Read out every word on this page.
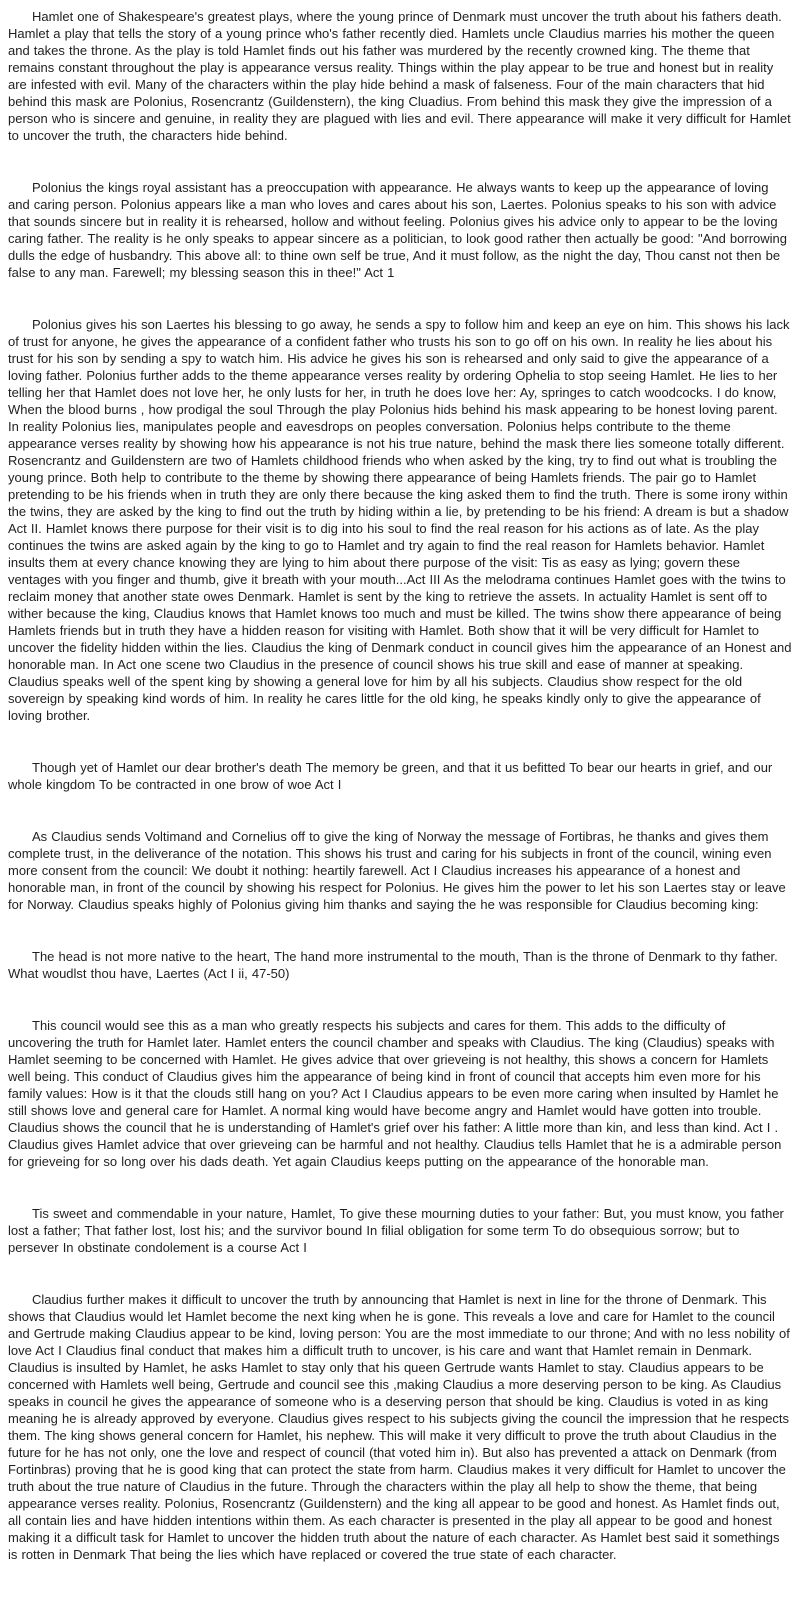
Hamlet one of Shakespeare's greatest plays, where the young prince of Denmark must uncover the truth about his fathers death. Hamlet a play that tells the story of a young prince who's father recently died. Hamlets uncle Claudius marries his mother the queen and takes the throne. As the play is told Hamlet finds out his father was murdered by the recently crowned king. The theme that remains constant throughout the play is appearance versus reality. Things within the play appear to be true and honest but in reality are infested with evil. Many of the characters within the play hide behind a mask of falseness. Four of the main characters that hid behind this mask are Polonius, Rosencrantz (Guildenstern), the king Cluadius. From behind this mask they give the impression of a person who is sincere and genuine, in reality they are plagued with lies and evil. There appearance will make it very difficult for Hamlet to uncover the truth, the characters hide behind.

Polonius the kings royal assistant has a preoccupation with appearance. He always wants to keep up the appearance of loving and caring person. Polonius appears like a man who loves and cares about his son, Laertes. Polonius speaks to his son with advice that sounds sincere but in reality it is rehearsed, hollow and without feeling. Polonius gives his advice only to appear to be the loving caring father. The reality is he only speaks to appear sincere as a politician, to look good rather then actually be good: "And borrowing dulls the edge of husbandry. This above all: to thine own self be true, And it must follow, as the night the day, Thou canst not then be false to any man. Farewell; my blessing season this in thee!" Act 1

Polonius gives his son Laertes his blessing to go away, he sends a spy to follow him and keep an eye on him. This shows his lack of trust for anyone, he gives the appearance of a confident father who trusts his son to go off on his own. In reality he lies about his trust for his son by sending a spy to watch him. His advice he gives his son is rehearsed and only said to give the appearance of a loving father. Polonius further adds to the theme appearance verses reality by ordering Ophelia to stop seeing Hamlet. He lies to her telling her that Hamlet does not love her, he only lusts for her, in truth he does love her: Ay, springes to catch woodcocks. I do know, When the blood burns , how prodigal the soul Through the play Polonius hids behind his mask appearing to be honest loving parent. In reality Polonius lies, manipulates people and eavesdrops on peoples conversation. Polonius helps contribute to the theme appearance verses reality by showing how his appearance is not his true nature, behind the mask there lies someone totally different. Rosencrantz and Guildenstern are two of Hamlets childhood friends who when asked by the king, try to find out what is troubling the young prince. Both help to contribute to the theme by showing there appearance of being Hamlets friends. The pair go to Hamlet pretending to be his friends when in truth they are only there because the king asked them to find the truth. There is some irony within the twins, they are asked by the king to find out the truth by hiding within a lie, by pretending to be his friend: A dream is but a shadow Act II. Hamlet knows there purpose for their visit is to dig into his soul to find the real reason for his actions as of late. As the play continues the twins are asked again by the king to go to Hamlet and try again to find the real reason for Hamlets behavior. Hamlet insults them at every chance knowing they are lying to him about there purpose of the visit: Tis as easy as lying; govern these ventages with you finger and thumb, give it breath with your mouth...Act III As the melodrama continues Hamlet goes with the twins to reclaim money that another state owes Denmark. Hamlet is sent by the king to retrieve the assets. In actuality Hamlet is sent off to wither because the king, Claudius knows that Hamlet knows too much and must be killed. The twins show there appearance of being Hamlets friends but in truth they have a hidden reason for visiting with Hamlet. Both show that it will be very difficult for Hamlet to uncover the fidelity hidden within the lies. Claudius the king of Denmark conduct in council gives him the appearance of an Honest and honorable man. In Act one scene two Claudius in the presence of council shows his true skill and ease of manner at speaking. Claudius speaks well of the spent king by showing a general love for him by all his subjects. Claudius show respect for the old sovereign by speaking kind words of him. In reality he cares little for the old king, he speaks kindly only to give the appearance of loving brother.

Though yet of Hamlet our dear brother's death The memory be green, and that it us befitted To bear our hearts in grief, and our whole kingdom To be contracted in one brow of woe Act I

As Claudius sends Voltimand and Cornelius off to give the king of Norway the message of Fortibras, he thanks and gives them complete trust, in the deliverance of the notation. This shows his trust and caring for his subjects in front of the council, wining even more consent from the council: We doubt it nothing: heartily farewell. Act I Claudius increases his appearance of a honest and honorable man, in front of the council by showing his respect for Polonius. He gives him the power to let his son Laertes stay or leave for Norway. Claudius speaks highly of Polonius giving him thanks and saying the he was responsible for Claudius becoming king:

The head is not more native to the heart, The hand more instrumental to the mouth, Than is the throne of Denmark to thy father. What woudlst thou have, Laertes (Act I ii, 47-50)

This council would see this as a man who greatly respects his subjects and cares for them. This adds to the difficulty of uncovering the truth for Hamlet later. Hamlet enters the council chamber and speaks with Claudius. The king (Claudius) speaks with Hamlet seeming to be concerned with Hamlet. He gives advice that over grieveing is not healthy, this shows a concern for Hamlets well being. This conduct of Claudius gives him the appearance of being kind in front of council that accepts him even more for his family values: How is it that the clouds still hang on you? Act I Claudius appears to be even more caring when insulted by Hamlet he still shows love and general care for Hamlet. A normal king would have become angry and Hamlet would have gotten into trouble. Claudius shows the council that he is understanding of Hamlet's grief over his father: A little more than kin, and less than kind. Act I . Claudius gives Hamlet advice that over grieveing can be harmful and not healthy. Claudius tells Hamlet that he is a admirable person for grieveing for so long over his dads death. Yet again Claudius keeps putting on the appearance of the honorable man.

Tis sweet and commendable in your nature, Hamlet, To give these mourning duties to your father: But, you must know, you father lost a father; That father lost, lost his; and the survivor bound In filial obligation for some term To do obsequious sorrow; but to persever In obstinate condolement is a course Act I

Claudius further makes it difficult to uncover the truth by announcing that Hamlet is next in line for the throne of Denmark. This shows that Claudius would let Hamlet become the next king when he is gone. This reveals a love and care for Hamlet to the council and Gertrude making Claudius appear to be kind, loving person: You are the most immediate to our throne; And with no less nobility of love Act I Claudius final conduct that makes him a difficult truth to uncover, is his care and want that Hamlet remain in Denmark. Claudius is insulted by Hamlet, he asks Hamlet to stay only that his queen Gertrude wants Hamlet to stay. Claudius appears to be concerned with Hamlets well being, Gertrude and council see this ,making Claudius a more deserving person to be king. As Claudius speaks in council he gives the appearance of someone who is a deserving person that should be king. Claudius is voted in as king meaning he is already approved by everyone. Claudius gives respect to his subjects giving the council the impression that he respects them. The king shows general concern for Hamlet, his nephew. This will make it very difficult to prove the truth about Claudius in the future for he has not only, one the love and respect of council (that voted him in). But also has prevented a attack on Denmark (from Fortinbras) proving that he is good king that can protect the state from harm. Claudius makes it very difficult for Hamlet to uncover the truth about the true nature of Claudius in the future. Through the characters within the play all help to show the theme, that being appearance verses reality. Polonius, Rosencrantz (Guildenstern) and the king all appear to be good and honest. As Hamlet finds out, all contain lies and have hidden intentions within them. As each character is presented in the play all appear to be good and honest making it a difficult task for Hamlet to uncover the hidden truth about the nature of each character. As Hamlet best said it somethings is rotten in Denmark That being the lies which have replaced or covered the true state of each character.
